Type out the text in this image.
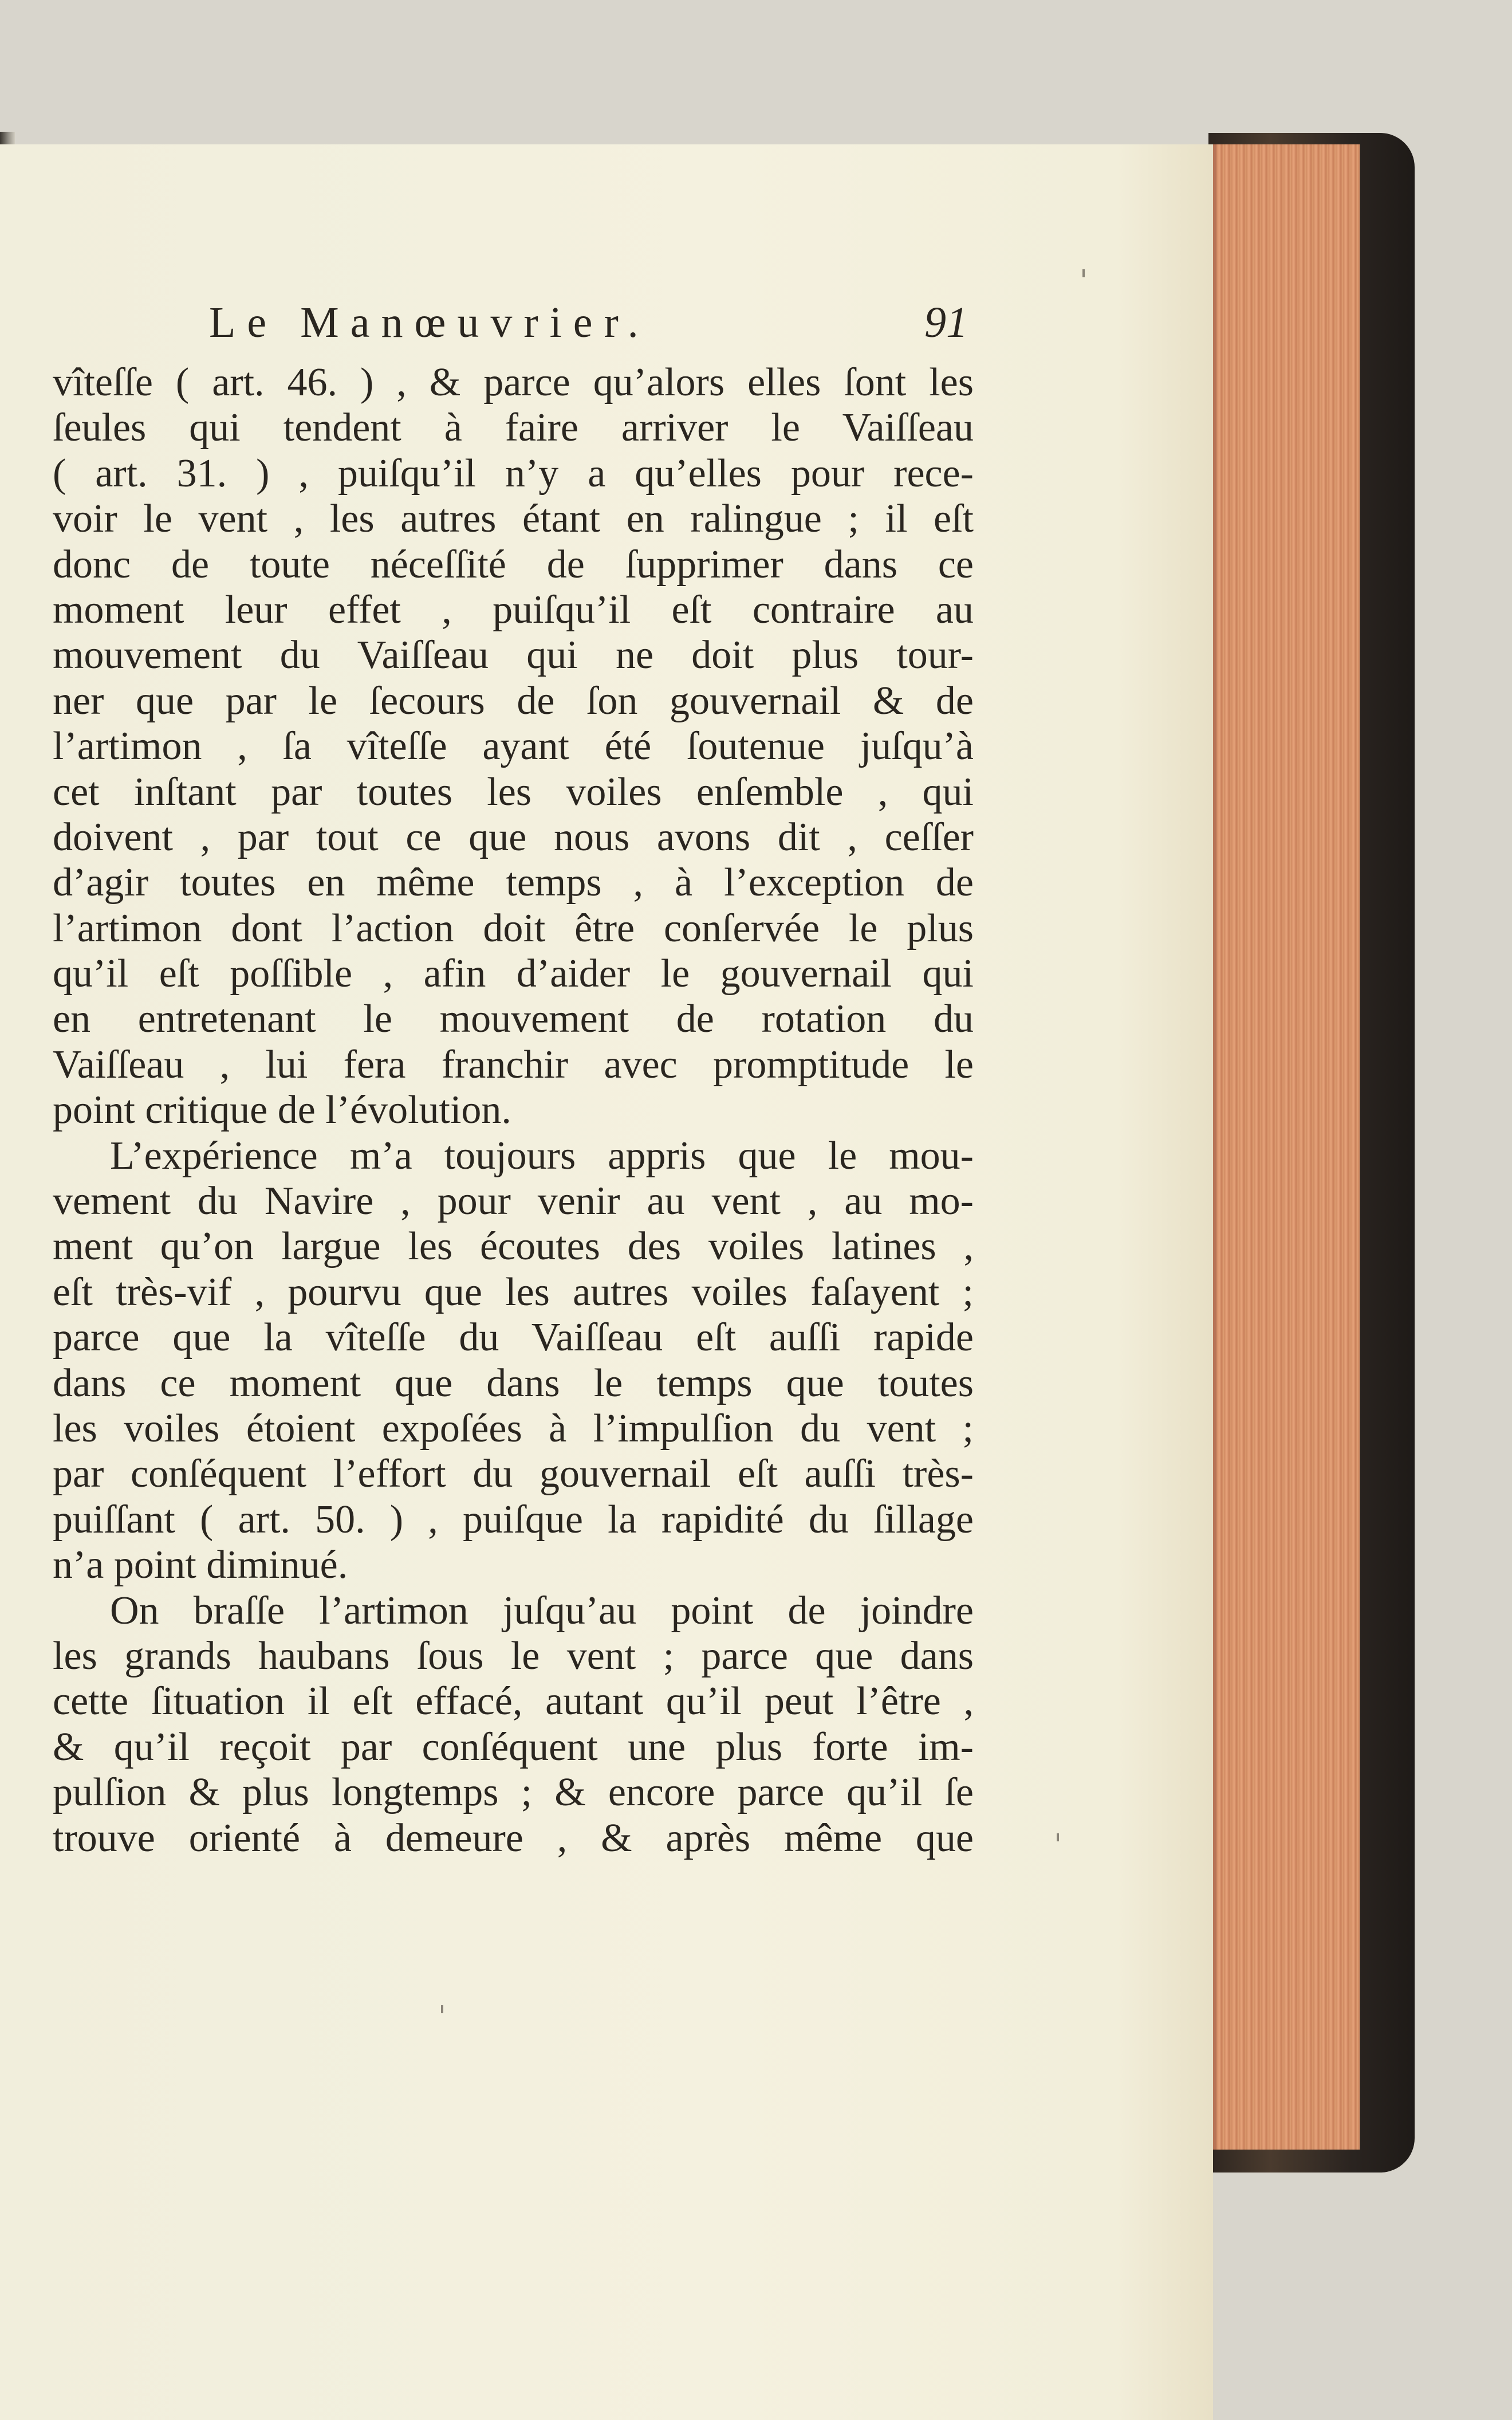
Le Manœuvrier.	91
vîteſſe ( art. 46. ) , & parce qu’alors elles ſont les
ſeules qui tendent à faire arriver le Vaiſſeau
( art. 31. ) , puiſqu’il n’y a qu’elles pour rece-
voir le vent , les autres étant en ralingue ; il eſt
donc de toute néceſſité de ſupprimer dans ce
moment leur effet , puiſqu’il eſt contraire au
mouvement du Vaiſſeau qui ne doit plus tour-
ner que par le ſecours de ſon gouvernail & de
l’artimon , ſa vîteſſe ayant été ſoutenue juſqu’à
cet inſtant par toutes les voiles enſemble , qui
doivent , par tout ce que nous avons dit , ceſſer
d’agir toutes en même temps , à l’exception de
l’artimon dont l’action doit être conſervée le plus
qu’il eſt poſſible , afin d’aider le gouvernail qui
en entretenant le mouvement de rotation du
Vaiſſeau , lui fera franchir avec promptitude le
point critique de l’évolution.
L’expérience m’a toujours appris que le mou-
vement du Navire , pour venir au vent , au mo-
ment qu’on largue les écoutes des voiles latines ,
eſt très-vif , pourvu que les autres voiles faſayent ;
parce que la vîteſſe du Vaiſſeau eſt auſſi rapide
dans ce moment que dans le temps que toutes
les voiles étoient expoſées à l’impulſion du vent ;
par conſéquent l’effort du gouvernail eſt auſſi très-
puiſſant ( art. 50. ) , puiſque la rapidité du ſillage
n’a point diminué.
On braſſe l’artimon juſqu’au point de joindre
les grands haubans ſous le vent ; parce que dans
cette ſituation il eſt effacé, autant qu’il peut l’être ,
& qu’il reçoit par conſéquent une plus forte im-
pulſion & plus longtemps ; & encore parce qu’il ſe
trouve orienté à demeure , & après même que
